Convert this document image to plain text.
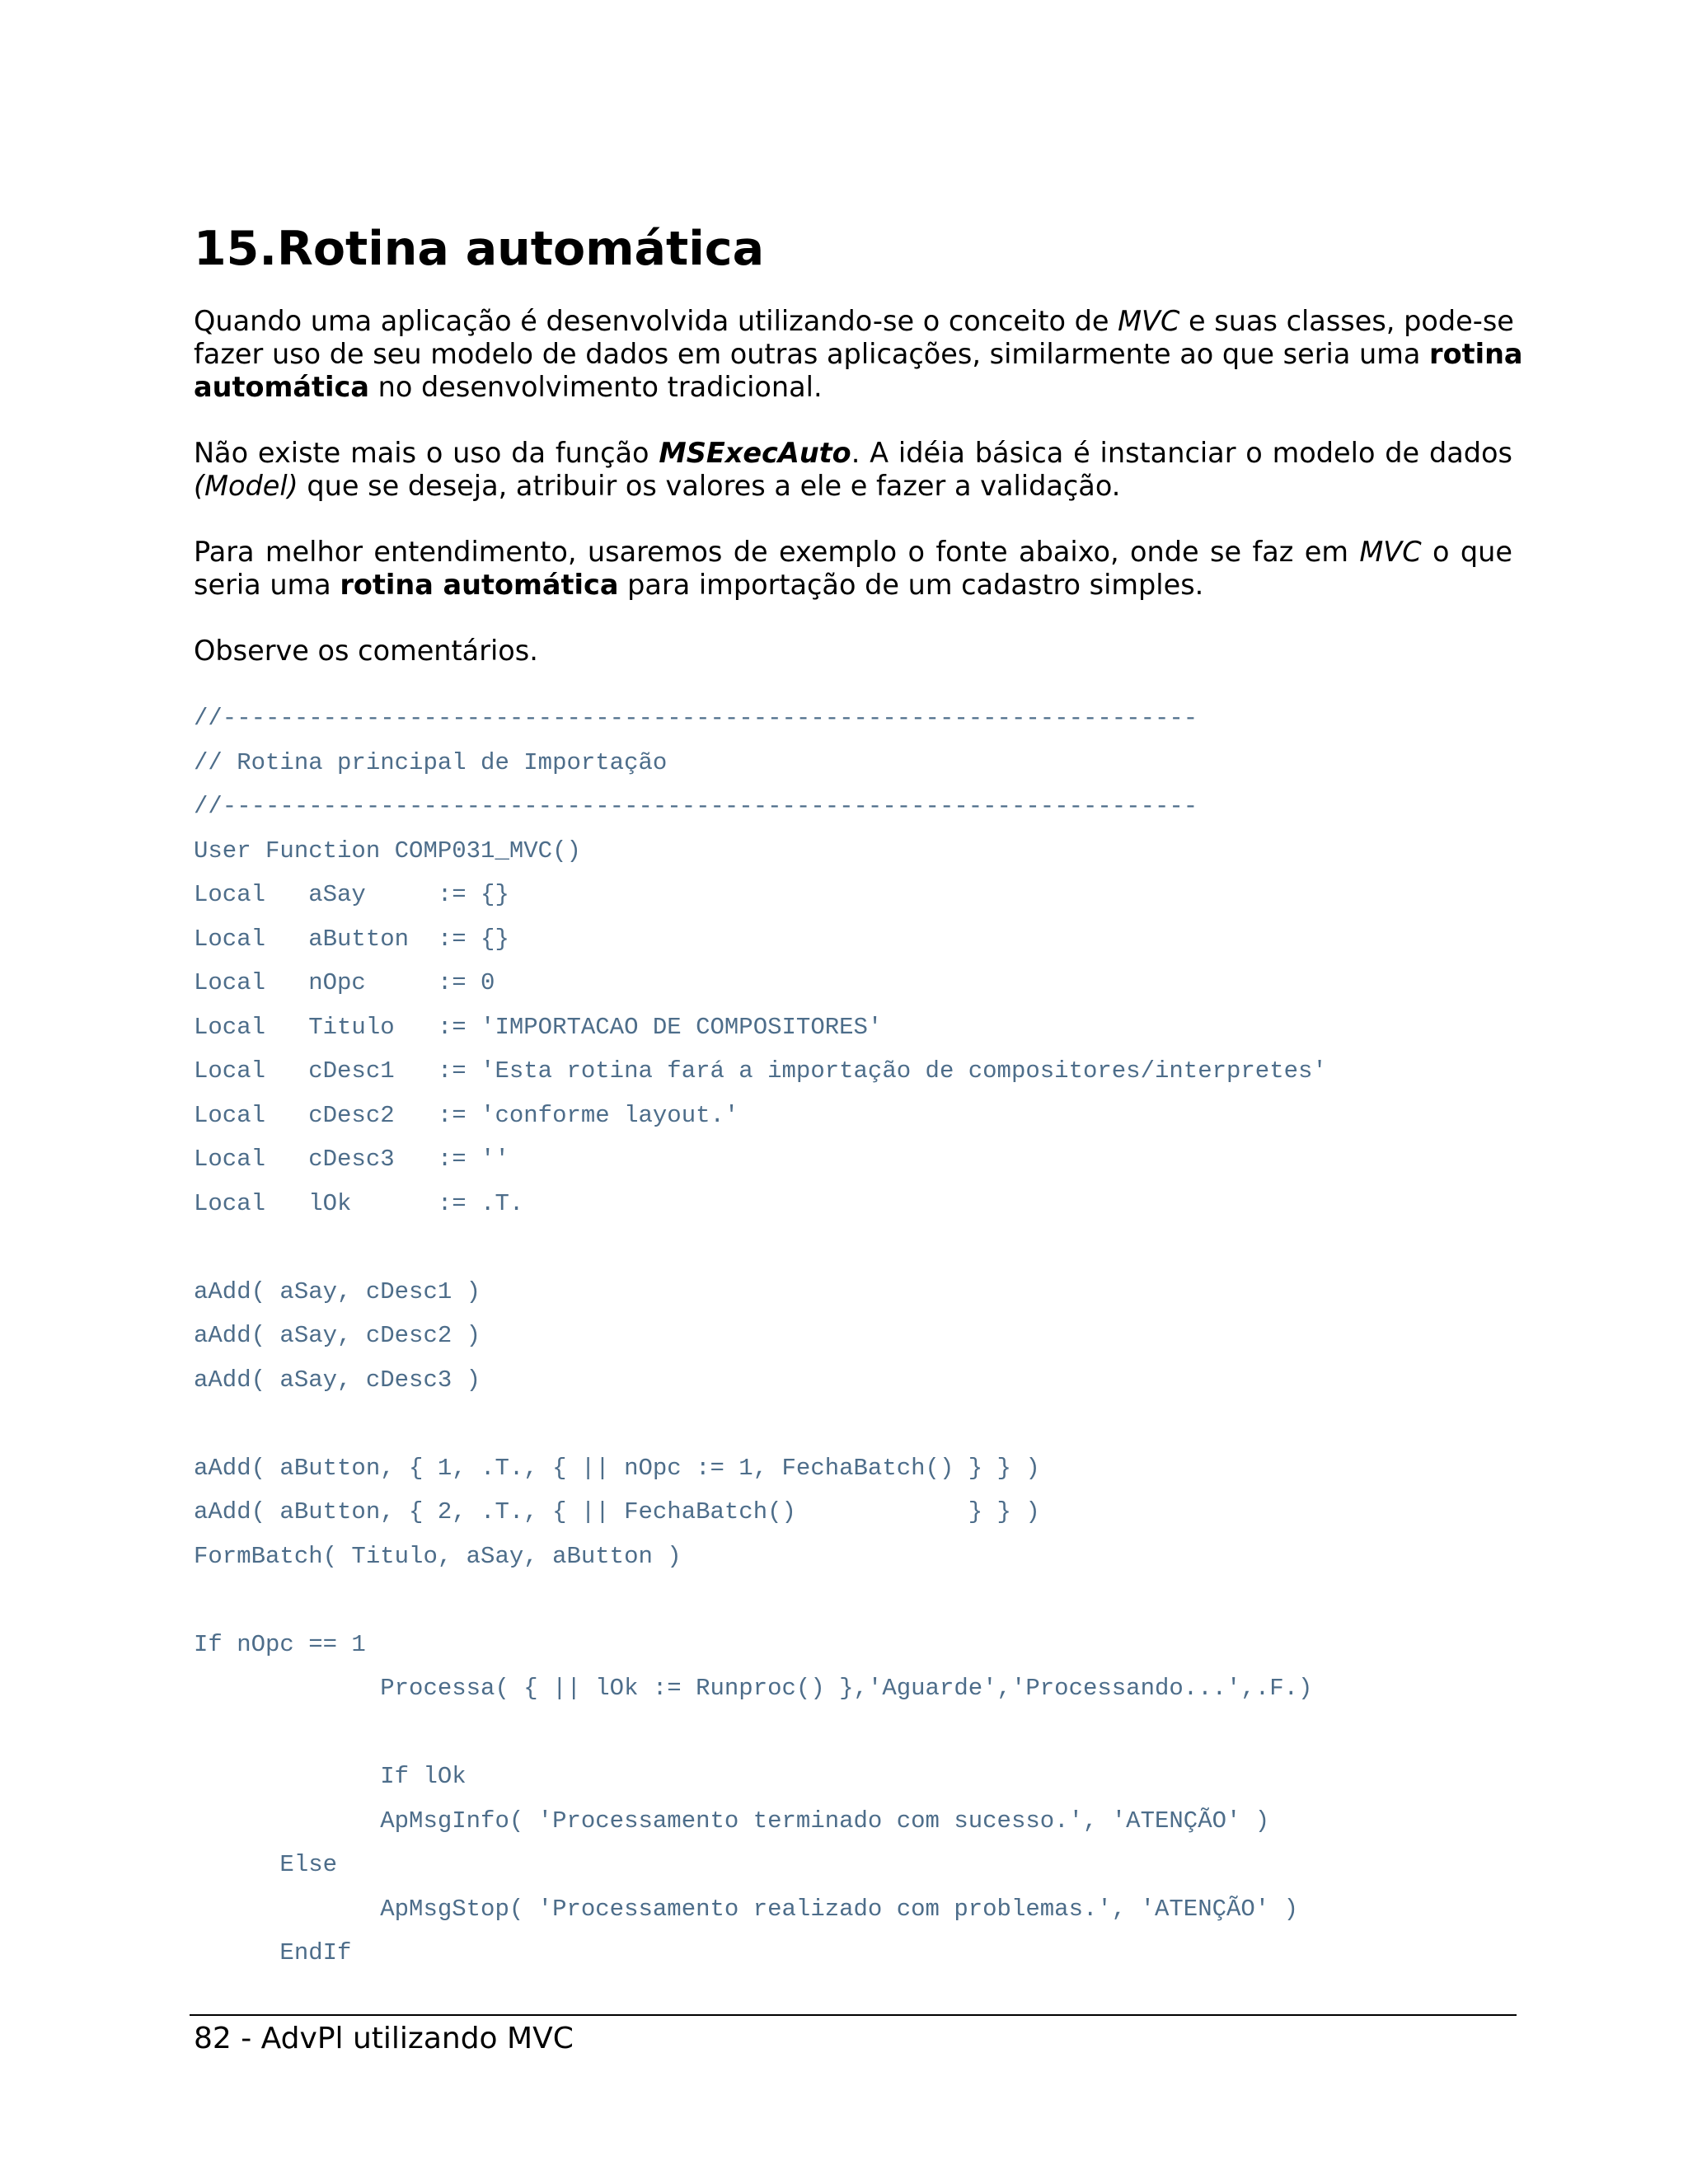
15.Rotina automática
Quando uma aplicação é desenvolvida utilizando-se o conceito de MVC e suas classes, pode-se
fazer uso de seu modelo de dados em outras aplicações, similarmente ao que seria uma rotina
automática no desenvolvimento tradicional.
Não existe mais o uso da função MSExecAuto. A idéia básica é instanciar o modelo de dados
(Model) que se deseja, atribuir os valores a ele e fazer a validação.
Para melhor entendimento, usaremos de exemplo o fonte abaixo, onde se faz em MVC o que
seria uma rotina automática para importação de um cadastro simples.
Observe os comentários.
//--------------------------------------------------------------------
// Rotina principal de Importação
//--------------------------------------------------------------------
User Function COMP031_MVC()
Local   aSay     := {}
Local   aButton  := {}
Local   nOpc     := 0
Local   Titulo   := 'IMPORTACAO DE COMPOSITORES'
Local   cDesc1   := 'Esta rotina fará a importação de compositores/interpretes'
Local   cDesc2   := 'conforme layout.'
Local   cDesc3   := ''
Local   lOk      := .T.
aAdd( aSay, cDesc1 )
aAdd( aSay, cDesc2 )
aAdd( aSay, cDesc3 )
aAdd( aButton, { 1, .T., { || nOpc := 1, FechaBatch() } } )
aAdd( aButton, { 2, .T., { || FechaBatch()            } } )
FormBatch( Titulo, aSay, aButton )
If nOpc == 1
Processa( { || lOk := Runproc() },'Aguarde','Processando...',.F.)
If lOk
ApMsgInfo( 'Processamento terminado com sucesso.', 'ATENÇÃO' )
Else
ApMsgStop( 'Processamento realizado com problemas.', 'ATENÇÃO' )
EndIf
82 - AdvPl utilizando MVC
